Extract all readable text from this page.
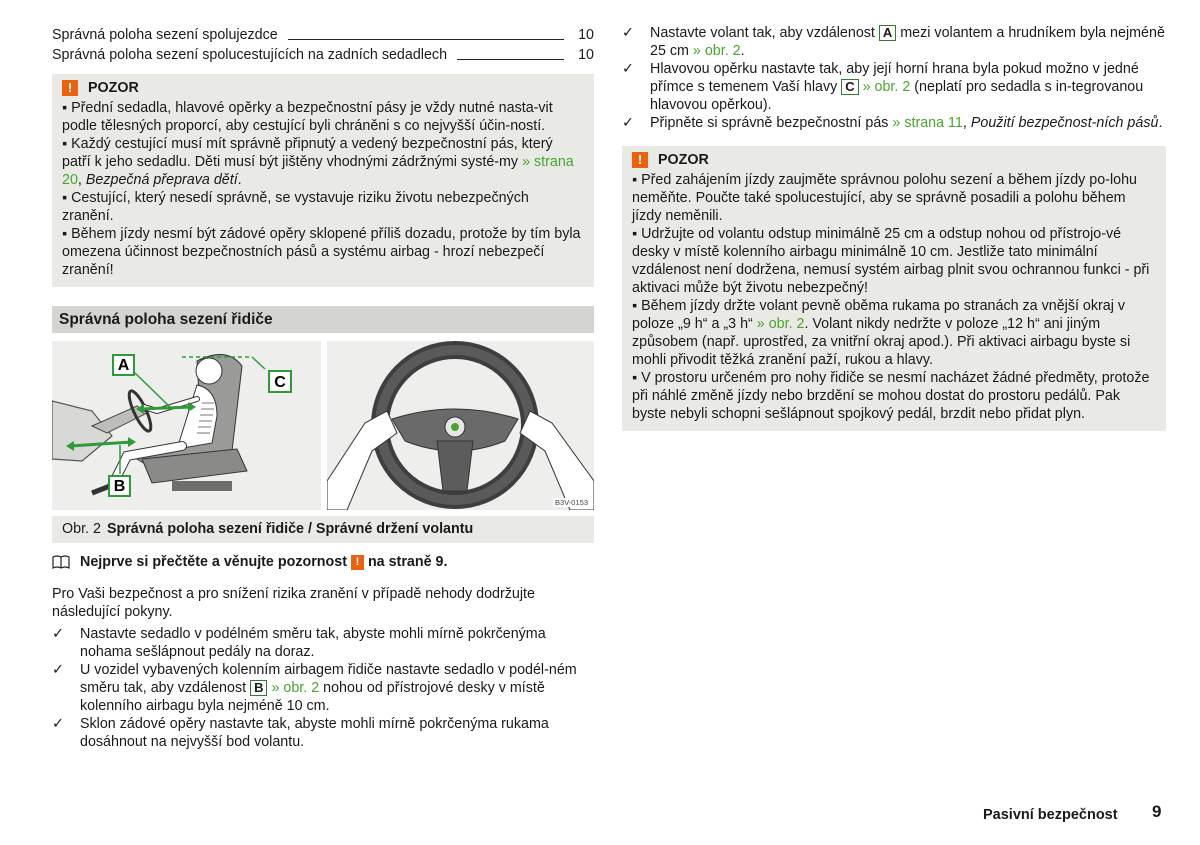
Správná poloha sezení spolujezdce	10
Správná poloha sezení spolucestujících na zadních sedadlech	10
!	POZOR

▪ Přední sedadla, hlavové opěrky a bezpečnostní pásy je vždy nutné nasta-vit podle tělesných proporcí, aby cestující byli chráněni s co nejvyšší účin-ností.

▪ Každý cestující musí mít správně připnutý a vedený bezpečnostní pás, který patří k jeho sedadlu. Děti musí být jištěny vhodnými zádržnými systé-my » strana 20, Bezpečná přeprava dětí.

▪ Cestující, který nesedí správně, se vystavuje riziku životu nebezpečných zranění.

▪ Během jízdy nesmí být zádové opěry sklopené příliš dozadu, protože by tím byla omezena účinnost bezpečnostních pásů a systému airbag - hrozí nebezpečí zranění!

Správná poloha sezení řidiče
A
B
C
B3V-0153
Obr. 2 Správná poloha sezení řidiče / Správné držení volantu
Nejprve si přečtěte a věnujte pozornost ! na straně 9.

Pro Vaši bezpečnost a pro snížení rizika zranění v případě nehody dodržujte následující pokyny.

✓	Nastavte sedadlo v podélném směru tak, abyste mohli mírně pokrčenýma nohama sešlápnout pedály na doraz.
✓	U vozidel vybavených kolenním airbagem řidiče nastavte sedadlo v podél-ném směru tak, aby vzdálenost B » obr. 2 nohou od přístrojové desky v místě kolenního airbagu byla nejméně 10 cm.
✓	Sklon zádové opěry nastavte tak, abyste mohli mírně pokrčenýma rukama dosáhnout na nejvyšší bod volantu.
✓	Nastavte volant tak, aby vzdálenost A mezi volantem a hrudníkem byla nejméně 25 cm » obr. 2.
✓	Hlavovou opěrku nastavte tak, aby její horní hrana byla pokud možno v jedné přímce s temenem Vaší hlavy C » obr. 2 (neplatí pro sedadla s in-tegrovanou hlavovou opěrkou).
✓	Připněte si správně bezpečnostní pás » strana 11, Použití bezpečnost-ních pásů.
!	POZOR

▪ Před zahájením jízdy zaujměte správnou polohu sezení a během jízdy po-lohu neměňte. Poučte také spolucestující, aby se správně posadili a polohu během jízdy neměnili.

▪ Udržujte od volantu odstup minimálně 25 cm a odstup nohou od přístrojo-vé desky v místě kolenního airbagu minimálně 10 cm. Jestliže tato minimální vzdálenost není dodržena, nemusí systém airbag plnit svou ochrannou funkci - při aktivaci může být životu nebezpečný!

▪ Během jízdy držte volant pevně oběma rukama po stranách za vnější okraj v poloze „9 h“ a „3 h“ » obr. 2. Volant nikdy nedržte v poloze „12 h“ ani jiným způsobem (např. uprostřed, za vnitřní okraj apod.). Při aktivaci airbagu byste si mohli přivodit těžká zranění paží, rukou a hlavy.

▪ V prostoru určeném pro nohy řidiče se nesmí nacházet žádné předměty, protože při náhlé změně jízdy nebo brzdění se mohou dostat do prostoru pedálů. Pak byste nebyli schopni sešlápnout spojkový pedál, brzdit nebo přidat plyn.

Pasivní bezpečnost 9
